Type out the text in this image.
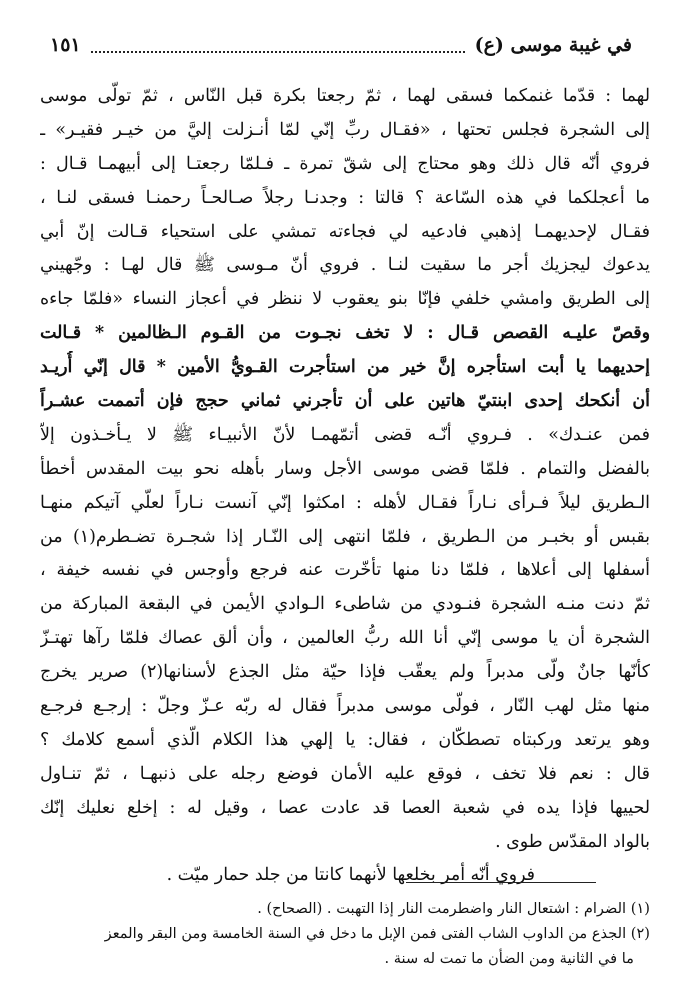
في غيبة موسى (ع)
١٥١
لهما : قدّما غنمكما فسقى لهما ، ثمّ رجعتا بكرة قبل النّاس ، ثمّ تولّى موسى
إلى الشجرة فجلس تحتها ، «فقـال ربِّ إنّي لمّا أنـزلت إليَّ من خيـر فقيـر» ـ
فروي أنّه قال ذلك وهو محتاج إلى شقّ تمرة ـ فـلمّا رجعتـا إلى أبيهمـا قـال :
ما أعجلكما في هذه السّاعة ؟ قالتا : وجدنـا رجلاً صـالحـاً رحمنـا فسقى لنـا ،
فقـال لإحديهمـا إذهبي فادعيه لي فجاءته تمشي على استحياء قـالت إنّ أبي
يدعوك ليجزيك أجر ما سقيت لنـا . فروي أنّ مـوسى ﷺ قال لهـا : وجّهيني
إلى الطريق وامشي خلفي فإنّا بنو يعقوب لا ننظر في أعجاز النساء «فلمّا جاءه
وقصّ عليـه القصص قـال : لا تخف نجـوت من القـوم الـظالمين * قـالت
إحديهما يا أبت استأجره إنَّ خير من استأجرت القـويُّ الأمين * قال إنّي أُريـد
أن أنكحك إحدى ابنتيّ هاتين على أن تأجرني ثماني حجج فإن أتممت عشـراً
فمن عنـدك» . فـروي أنّـه قضى أتمّهمـا لأنّ الأنبيـاء ﷺ لا يـأخـذون إلاّ
بالفضل والتمام . فلمّا قضى موسى الأجل وسار بأهله نحو بيت المقدس أخطأ
الـطريق ليلاً فـرأى نـاراً فقـال لأهله : امكثوا إنّي آنست نـاراً لعلّي آتيكم منهـا
بقبس أو بخبـر من الـطريق ، فلمّا انتهى إلى النّـار إذا شجـرة تضـطرم(١) من
أسفلها إلى أعلاها ، فلمّا دنا منها تأخّرت عنه فرجع وأوجس في نفسه خيفة ،
ثمّ دنت منـه الشجرة فنـودي من شاطىء الـوادي الأيمن في البقعة المباركة من
الشجرة أن يا موسى إنّي أنا الله ربُّ العالمين ، وأن ألق عصاك فلمّا رآها تهتـزّ
كأنّها جانٌ ولّى مدبراً ولم يعقّب فإذا حيّة مثل الجذع لأسنانها(٢) صرير يخرج
منها مثل لهب النّار ، فولّى موسى مدبراً فقال له ربّه عـزّ وجلّ : إرجـع فرجـع
وهو يرتعد وركبتاه تصطكّان ، فقال: يا إلهي هذا الكلام الّذي أسمع كلامك ؟
قال : نعم فلا تخف ، فوقع عليه الأمان فوضع رجله على ذنبهـا ، ثمّ تنـاول
لحييها فإذا يده في شعبة العصا قد عادت عصا ، وقيل له : إخلع نعليك إنّك
بالواد المقدّس طوى .
فروي أنّه أمر بخلعها لأنهما كانتا من جلد حمار ميّت .
(١) الضرام : اشتعال النار واضطرمت النار إذا التهبت . (الصحاح) .
(٢) الجذع من الداوب الشاب الفتى فمن الإبل ما دخل في السنة الخامسة ومن البقر والمعز
ما في الثانية ومن الضأن ما تمت له سنة .
